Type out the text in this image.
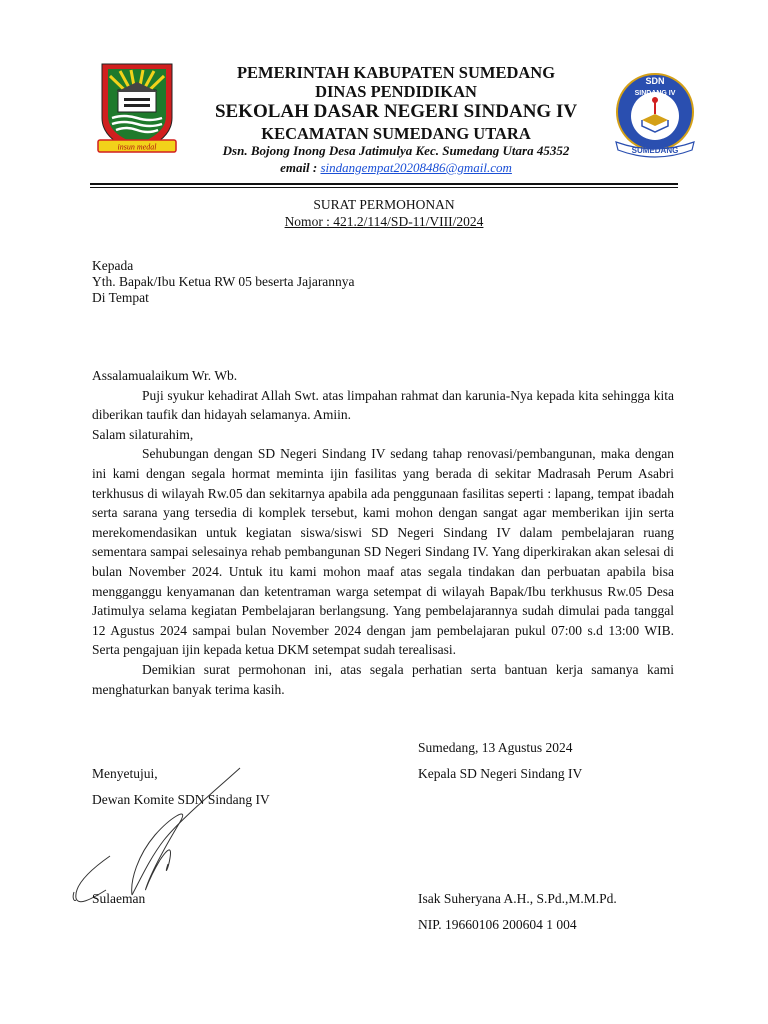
insun medal
SDN
SINDANG IV
SUMEDANG
PEMERINTAH KABUPATEN SUMEDANG
DINAS PENDIDIKAN
SEKOLAH DASAR NEGERI SINDANG IV
KECAMATAN SUMEDANG UTARA
Dsn. Bojong Inong Desa Jatimulya Kec. Sumedang Utara 45352
email : sindangempat20208486@gmail.com
SURAT PERMOHONAN
Nomor : 421.2/114/SD-11/VIII/2024
Kepada
Yth. Bapak/Ibu Ketua RW 05 beserta Jajarannya
Di Tempat

Assalamualaikum Wr. Wb.

Puji syukur kehadirat Allah Swt. atas limpahan rahmat dan karunia-Nya kepada kita sehingga kita diberikan taufik dan hidayah selamanya. Amiin.

Salam silaturahim,

Sehubungan dengan SD Negeri Sindang IV sedang tahap renovasi/pembangunan, maka dengan ini kami dengan segala hormat meminta ijin fasilitas yang berada di sekitar Madrasah Perum Asabri terkhusus di wilayah Rw.05 dan sekitarnya apabila ada penggunaan fasilitas seperti : lapang, tempat ibadah serta sarana yang tersedia di komplek tersebut, kami mohon dengan sangat agar memberikan ijin serta merekomendasikan untuk kegiatan siswa/siswi SD Negeri Sindang IV dalam pembelajaran ruang sementara sampai selesainya rehab pembangunan SD Negeri Sindang IV. Yang diperkirakan akan selesai di bulan November 2024. Untuk itu kami mohon maaf atas segala tindakan dan perbuatan apabila bisa mengganggu kenyamanan dan ketentraman warga setempat di wilayah Bapak/Ibu terkhusus Rw.05 Desa Jatimulya selama kegiatan Pembelajaran berlangsung. Yang pembelajarannya sudah dimulai pada tanggal 12 Agustus 2024 sampai bulan November 2024 dengan jam pembelajaran pukul 07:00 s.d 13:00 WIB. Serta pengajuan ijin kepada ketua DKM setempat sudah terealisasi.

Demikian surat permohonan ini, atas segala perhatian serta bantuan kerja samanya kami menghaturkan banyak terima kasih.

Sumedang, 13 Agustus 2024
Menyetujui,	Kepala SD Negeri Sindang IV
Dewan Komite SDN Sindang IV
Sulaeman	Isak Suheryana A.H., S.Pd.,M.M.Pd.
NIP. 19660106 200604 1 004
